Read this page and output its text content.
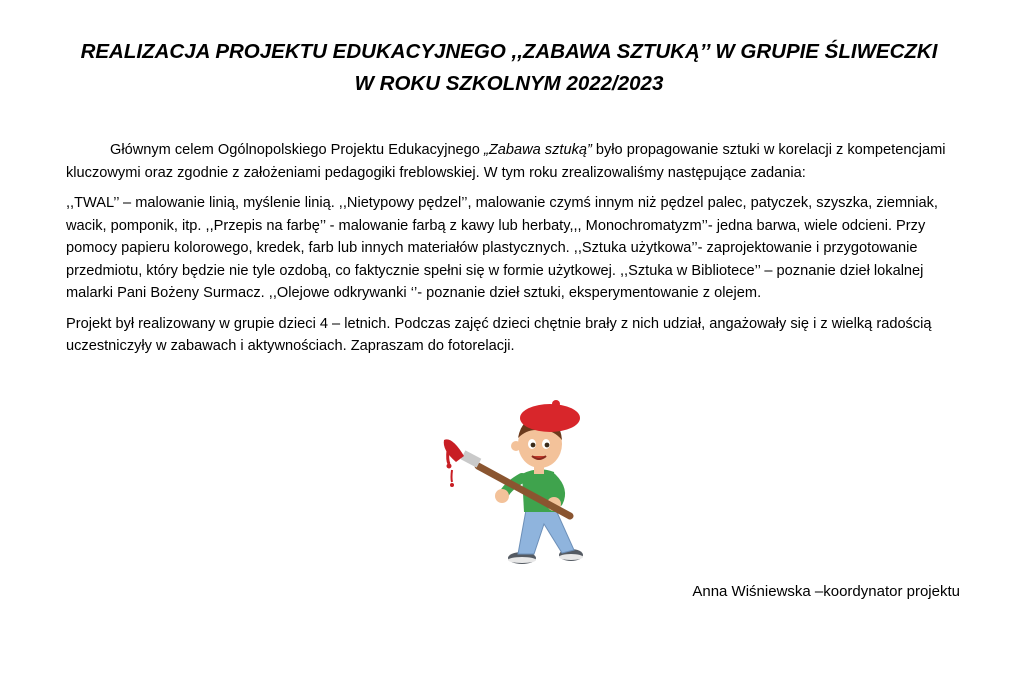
REALIZACJA PROJEKTU EDUKACYJNEGO ,,ZABAWA SZTUKĄ’’ W GRUPIE ŚLIWECZKI
W ROKU SZKOLNYM 2022/2023

Głównym celem Ogólnopolskiego Projektu Edukacyjnego „Zabawa sztuką” było propagowanie sztuki w korelacji z kompetencjami kluczowymi oraz zgodnie z założeniami pedagogiki freblowskiej. W tym roku zrealizowaliśmy następujące zadania:

,,TWAL’’ – malowanie linią, myślenie linią. ,,Nietypowy pędzel’’, malowanie czymś innym niż pędzel palec, patyczek, szyszka, ziemniak, wacik, pomponik, itp. ,,Przepis na farbę’’ - malowanie farbą z kawy lub herbaty,,, Monochromatyzm’’- jedna barwa, wiele odcieni. Przy pomocy papieru kolorowego, kredek, farb lub innych materiałów plastycznych. ,,Sztuka użytkowa’’- zaprojektowanie i przygotowanie przedmiotu, który będzie nie tyle ozdobą, co faktycznie spełni się w formie użytkowej. ,,Sztuka w Bibliotece’’ – poznanie dzieł lokalnej malarki Pani Bożeny Surmacz. ,,Olejowe odkrywanki ‘’- poznanie dzieł sztuki, eksperymentowanie z olejem.

Projekt był realizowany w grupie dzieci 4 – letnich. Podczas zajęć dzieci chętnie brały z nich udział, angażowały się i z wielką radością uczestniczyły w zabawach i aktywnościach. Zapraszam do fotorelacji.

Anna Wiśniewska –koordynator projektu
